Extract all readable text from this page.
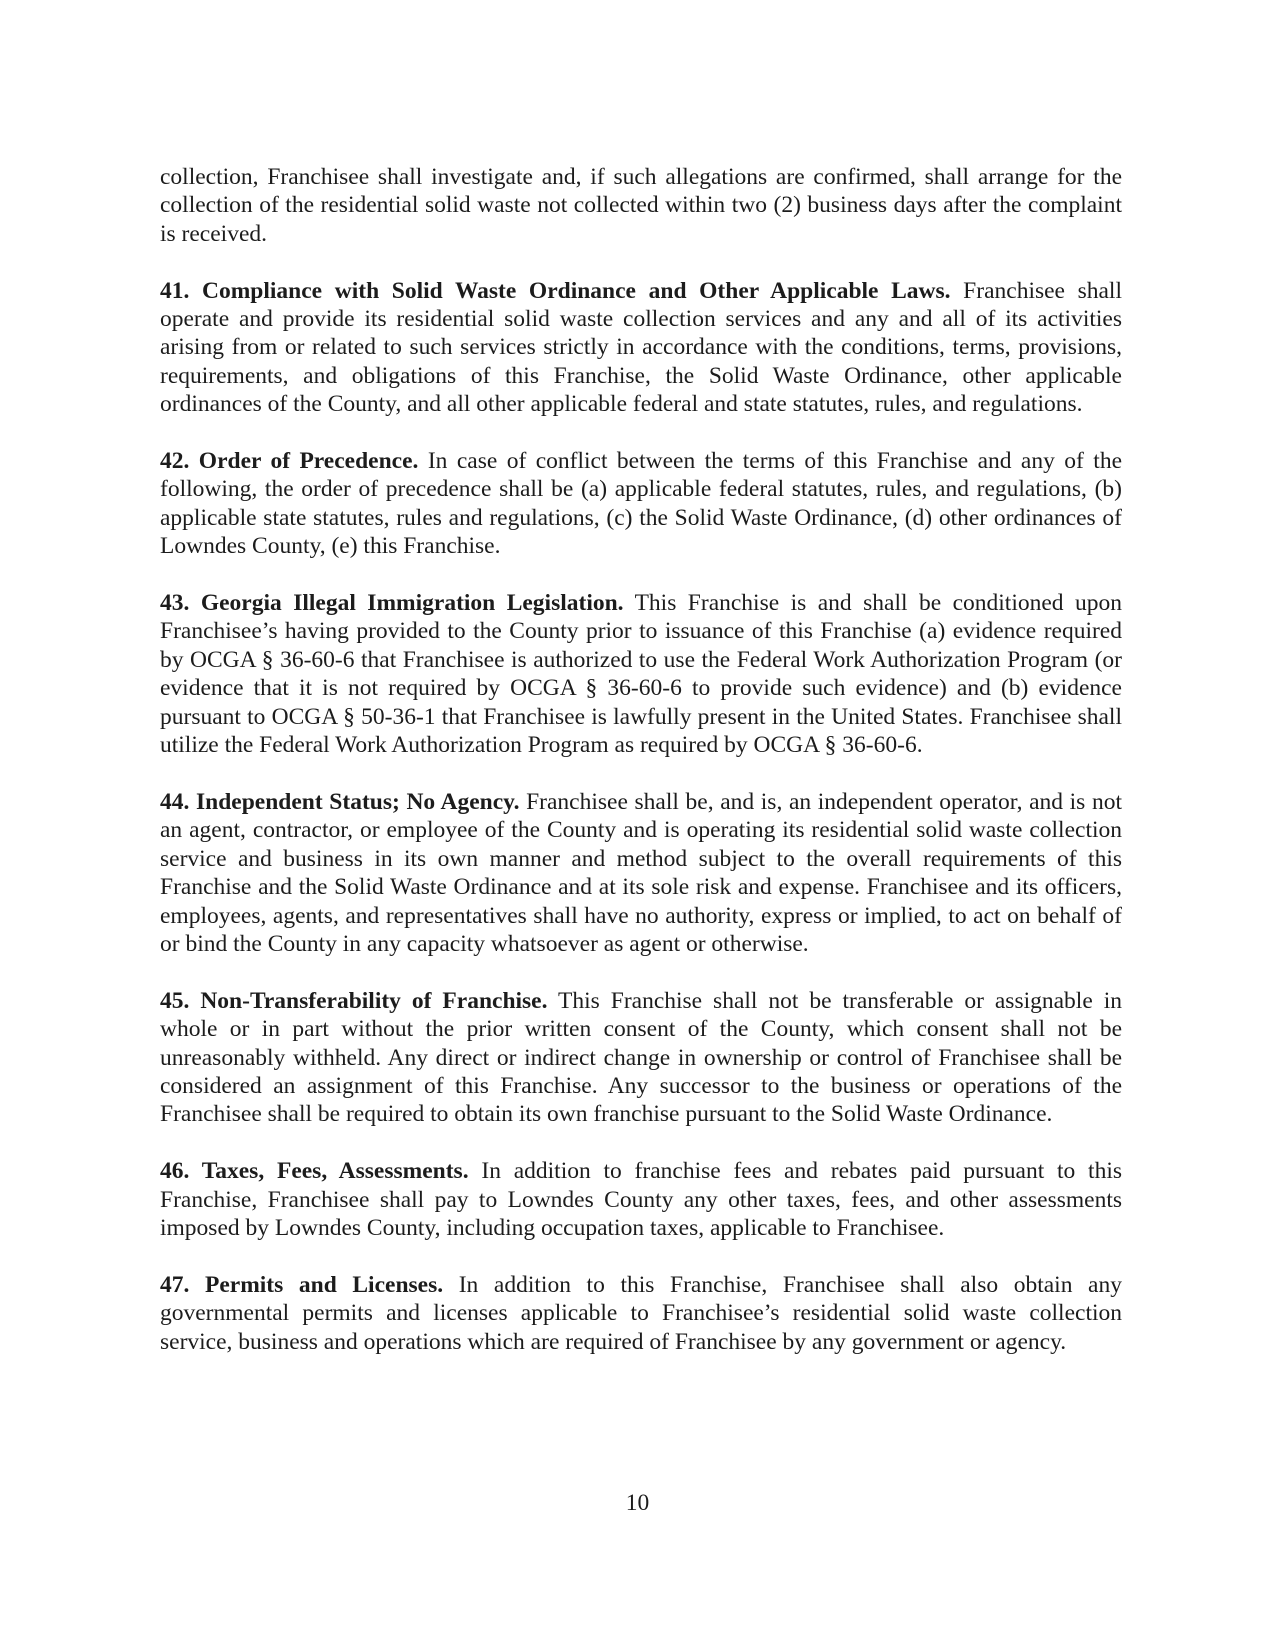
collection, Franchisee shall investigate and, if such allegations are confirmed, shall arrange for the collection of the residential solid waste not collected within two (2) business days after the complaint is received.

41. Compliance with Solid Waste Ordinance and Other Applicable Laws. Franchisee shall operate and provide its residential solid waste collection services and any and all of its activities arising from or related to such services strictly in accordance with the conditions, terms, provisions, requirements, and obligations of this Franchise, the Solid Waste Ordinance, other applicable ordinances of the County, and all other applicable federal and state statutes, rules, and regulations.

42. Order of Precedence. In case of conflict between the terms of this Franchise and any of the following, the order of precedence shall be (a) applicable federal statutes, rules, and regulations, (b) applicable state statutes, rules and regulations, (c) the Solid Waste Ordinance, (d) other ordinances of Lowndes County, (e) this Franchise.

43. Georgia Illegal Immigration Legislation. This Franchise is and shall be conditioned upon Franchisee’s having provided to the County prior to issuance of this Franchise (a) evidence required by OCGA § 36-60-6 that Franchisee is authorized to use the Federal Work Authorization Program (or evidence that it is not required by OCGA § 36-60-6 to provide such evidence) and (b) evidence pursuant to OCGA § 50-36-1 that Franchisee is lawfully present in the United States. Franchisee shall utilize the Federal Work Authorization Program as required by OCGA § 36-60-6.

44. Independent Status; No Agency. Franchisee shall be, and is, an independent operator, and is not an agent, contractor, or employee of the County and is operating its residential solid waste collection service and business in its own manner and method subject to the overall requirements of this Franchise and the Solid Waste Ordinance and at its sole risk and expense. Franchisee and its officers, employees, agents, and representatives shall have no authority, express or implied, to act on behalf of or bind the County in any capacity whatsoever as agent or otherwise.

45. Non-Transferability of Franchise. This Franchise shall not be transferable or assignable in whole or in part without the prior written consent of the County, which consent shall not be unreasonably withheld. Any direct or indirect change in ownership or control of Franchisee shall be considered an assignment of this Franchise. Any successor to the business or operations of the Franchisee shall be required to obtain its own franchise pursuant to the Solid Waste Ordinance.

46. Taxes, Fees, Assessments. In addition to franchise fees and rebates paid pursuant to this Franchise, Franchisee shall pay to Lowndes County any other taxes, fees, and other assessments imposed by Lowndes County, including occupation taxes, applicable to Franchisee.

47. Permits and Licenses. In addition to this Franchise, Franchisee shall also obtain any governmental permits and licenses applicable to Franchisee’s residential solid waste collection service, business and operations which are required of Franchisee by any government or agency.

10
